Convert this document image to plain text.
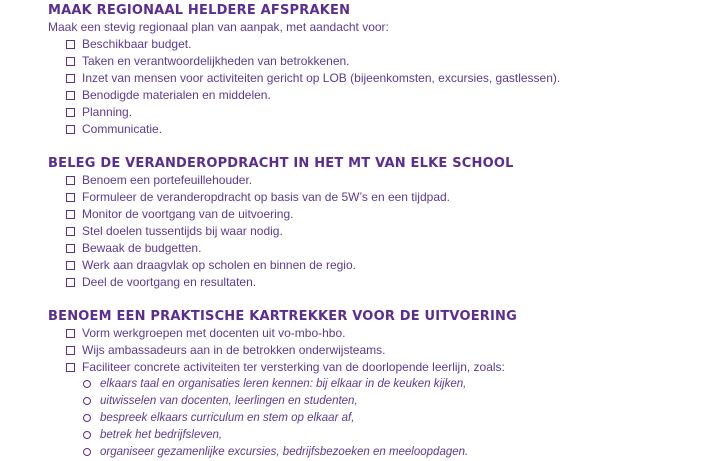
MAAK REGIONAAL HELDERE AFSPRAKEN
Maak een stevig regionaal plan van aanpak, met aandacht voor:
Beschikbaar budget.
Taken en verantwoordelijkheden van betrokkenen.
Inzet van mensen voor activiteiten gericht op LOB (bijeenkomsten, excursies, gastlessen).
Benodigde materialen en middelen.
Planning.
Communicatie.
BELEG DE VERANDEROPDRACHT IN HET MT VAN ELKE SCHOOL
Benoem een portefeuillehouder.
Formuleer de veranderopdracht op basis van de 5W’s en een tijdpad.
Monitor de voortgang van de uitvoering.
Stel doelen tussentijds bij waar nodig.
Bewaak de budgetten.
Werk aan draagvlak op scholen en binnen de regio.
Deel de voortgang en resultaten.
BENOEM EEN PRAKTISCHE KARTREKKER VOOR DE UITVOERING
Vorm werkgroepen met docenten uit vo-mbo-hbo.
Wijs ambassadeurs aan in de betrokken onderwijsteams.
Faciliteer concrete activiteiten ter versterking van de doorlopende leerlijn, zoals:
elkaars taal en organisaties leren kennen: bij elkaar in de keuken kijken,
uitwisselen van docenten, leerlingen en studenten,
bespreek elkaars curriculum en stem op elkaar af,
betrek het bedrijfsleven,
organiseer gezamenlijke excursies, bedrijfsbezoeken en meeloopdagen.
